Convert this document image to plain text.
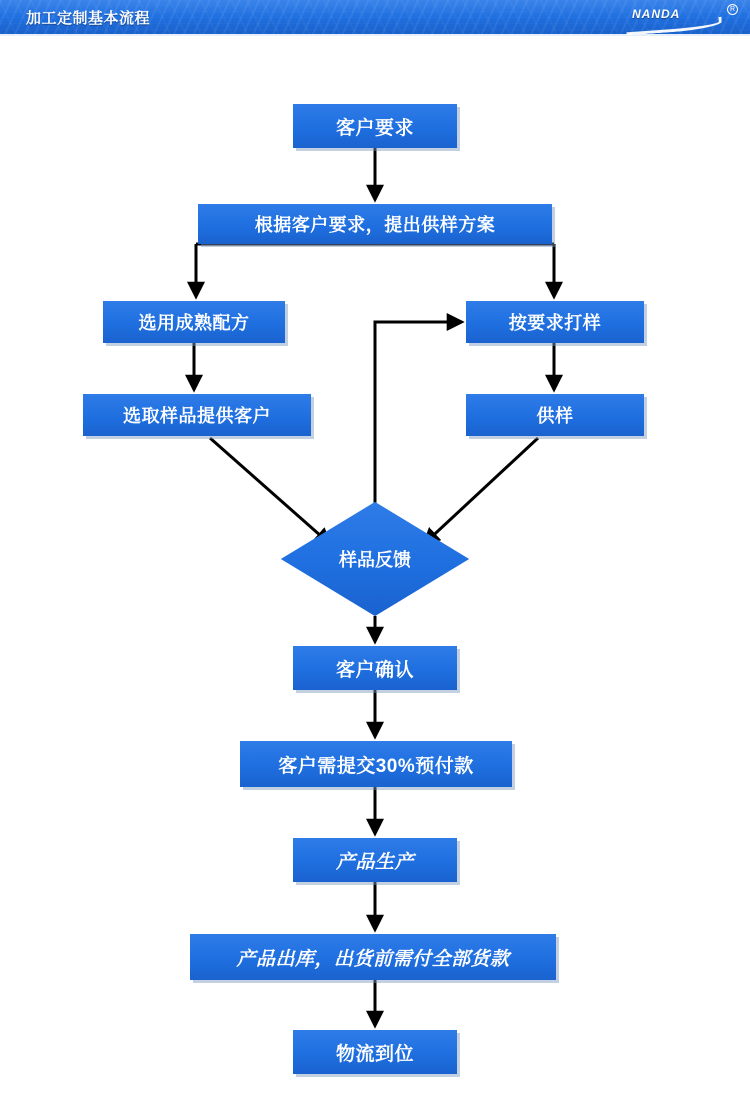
加工定制基本流程	NANDA	R
客户要求
根据客户要求，提出供样方案
选用成熟配方	按要求打样
选取样品提供客户	供样
样品反馈
客户确认
客户需提交30%预付款
产品生产
产品出库，出货前需付全部货款
物流到位
